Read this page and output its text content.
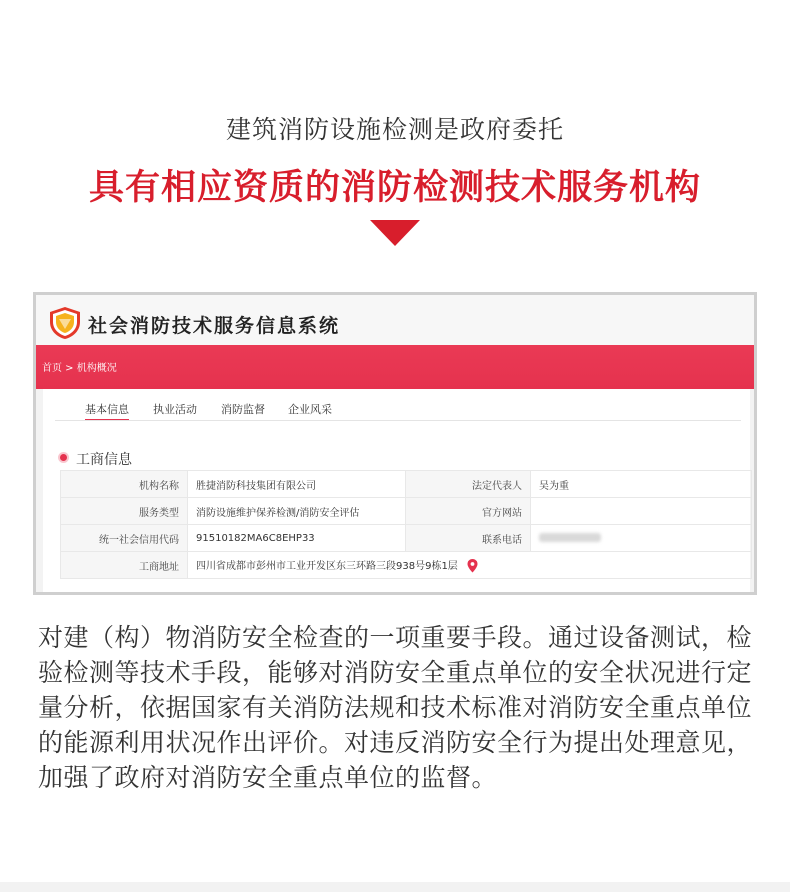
建筑消防设施检测是政府委托
具有相应资质的消防检测技术服务机构
社会消防技术服务信息系统
首页 > 机构概况
基本信息 执业活动 消防监督 企业风采
工商信息
机构名称	胜捷消防科技集团有限公司	法定代表人	吴为重
服务类型	消防设施维护保养检测/消防安全评估	官方网站	
统一社会信用代码	91510182MA6C8EHP33	联系电话	
工商地址	四川省成都市彭州市工业开发区东三环路三段938号9栋1层		
对建（构）物消防安全检查的一项重要手段。通过设备测试，检验检测等技术手段，能够对消防安全重点单位的安全状况进行定量分析，依据国家有关消防法规和技术标准对消防安全重点单位的能源利用状况作出评价。对违反消防安全行为提出处理意见，加强了政府对消防安全重点单位的监督。
